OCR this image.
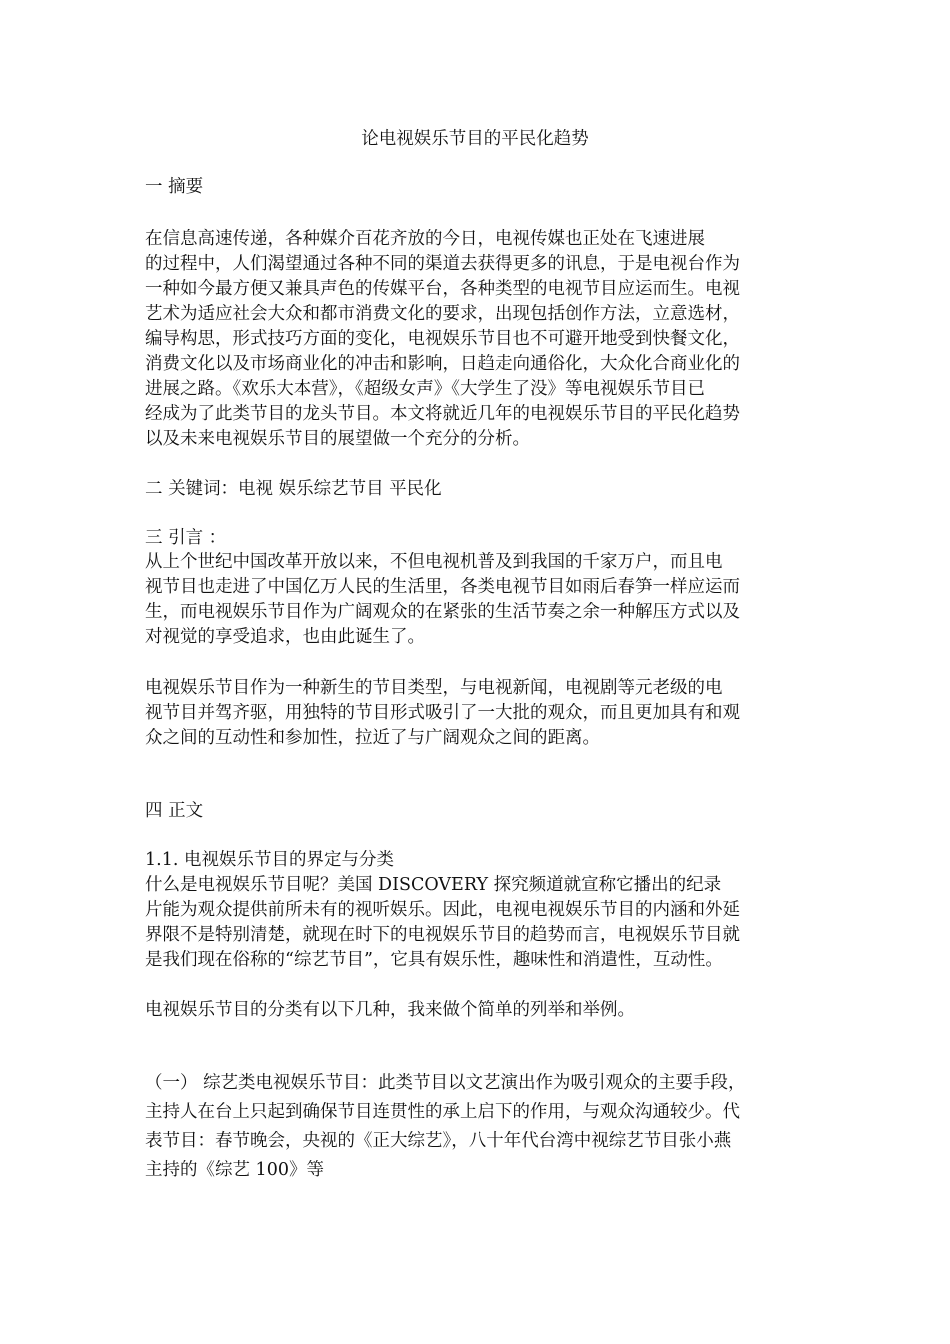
论电视娱乐节目的平民化趋势

一 摘要

在信息高速传递，各种媒介百花齐放的今日，电视传媒也正处在飞速进展

的过程中，人们渴望通过各种不同的渠道去获得更多的讯息，于是电视台作为

一种如今最方便又兼具声色的传媒平台，各种类型的电视节目应运而生。电视

艺术为适应社会大众和都市消费文化的要求，出现包括创作方法，立意选材，

编导构思，形式技巧方面的变化，电视娱乐节目也不可避开地受到快餐文化，

消费文化以及市场商业化的冲击和影响，日趋走向通俗化，大众化合商业化的

进展之路。《欢乐大本营》，《超级女声》《大学生了没》等电视娱乐节目已

经成为了此类节目的龙头节目。本文将就近几年的电视娱乐节目的平民化趋势

以及未来电视娱乐节目的展望做一个充分的分析。

二 关键词：电视 娱乐综艺节目 平民化

三 引言 ：

从上个世纪中国改革开放以来，不但电视机普及到我国的千家万户，而且电

视节目也走进了中国亿万人民的生活里，各类电视节目如雨后春笋一样应运而

生，而电视娱乐节目作为广阔观众的在紧张的生活节奏之余一种解压方式以及

对视觉的享受追求，也由此诞生了。

电视娱乐节目作为一种新生的节目类型，与电视新闻，电视剧等元老级的电

视节目并驾齐驱，用独特的节目形式吸引了一大批的观众，而且更加具有和观

众之间的互动性和参加性，拉近了与广阔观众之间的距离。

四 正文

1.1. 电视娱乐节目的界定与分类

什么是电视娱乐节目呢？美国 DISCOVERY 探究频道就宣称它播出的纪录

片能为观众提供前所未有的视听娱乐。因此，电视电视娱乐节目的内涵和外延

界限不是特别清楚，就现在时下的电视娱乐节目的趋势而言，电视娱乐节目就

是我们现在俗称的“综艺节目”，它具有娱乐性，趣味性和消遣性，互动性。

电视娱乐节目的分类有以下几种，我来做个简单的列举和举例。

（一） 综艺类电视娱乐节目：此类节目以文艺演出作为吸引观众的主要手段，

主持人在台上只起到确保节目连贯性的承上启下的作用，与观众沟通较少。代

表节目：春节晚会，央视的《正大综艺》，八十年代台湾中视综艺节目张小燕

主持的《综艺 100》等
